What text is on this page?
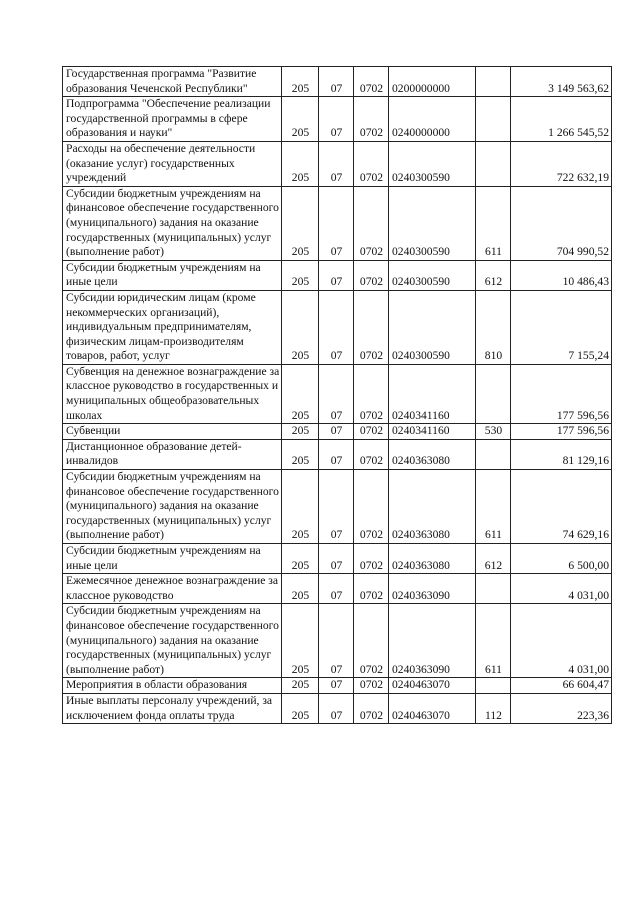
Государственная программа "Развитие образования Чеченской Республики"	205	07	0702	0200000000		3 149 563,62
Подпрограмма "Обеспечение реализации государственной программы в сфере образования и науки"	205	07	0702	0240000000		1 266 545,52
Расходы на обеспечение деятельности (оказание услуг) государственных учреждений	205	07	0702	0240300590		722 632,19
Субсидии бюджетным учреждениям на финансовое обеспечение государственного (муниципального) задания на оказание государственных (муниципальных) услуг (выполнение работ)	205	07	0702	0240300590	611	704 990,52
Субсидии бюджетным учреждениям на иные цели	205	07	0702	0240300590	612	10 486,43
Субсидии юридическим лицам (кроме некоммерческих организаций), индивидуальным предпринимателям, физическим лицам-производителям товаров, работ, услуг	205	07	0702	0240300590	810	7 155,24
Субвенция на денежное вознаграждение за классное руководство в государственных и муниципальных общеобразовательных школах	205	07	0702	0240341160		177 596,56
Субвенции	205	07	0702	0240341160	530	177 596,56
Дистанционное образование детей-инвалидов	205	07	0702	0240363080		81 129,16
Субсидии бюджетным учреждениям на финансовое обеспечение государственного (муниципального) задания на оказание государственных (муниципальных) услуг (выполнение работ)	205	07	0702	0240363080	611	74 629,16
Субсидии бюджетным учреждениям на иные цели	205	07	0702	0240363080	612	6 500,00
Ежемесячное денежное вознаграждение за классное руководство	205	07	0702	0240363090		4 031,00
Субсидии бюджетным учреждениям на финансовое обеспечение государственного (муниципального) задания на оказание государственных (муниципальных) услуг (выполнение работ)	205	07	0702	0240363090	611	4 031,00
Мероприятия в области образования	205	07	0702	0240463070		66 604,47
Иные выплаты персоналу учреждений, за исключением фонда оплаты труда	205	07	0702	0240463070	112	223,36
